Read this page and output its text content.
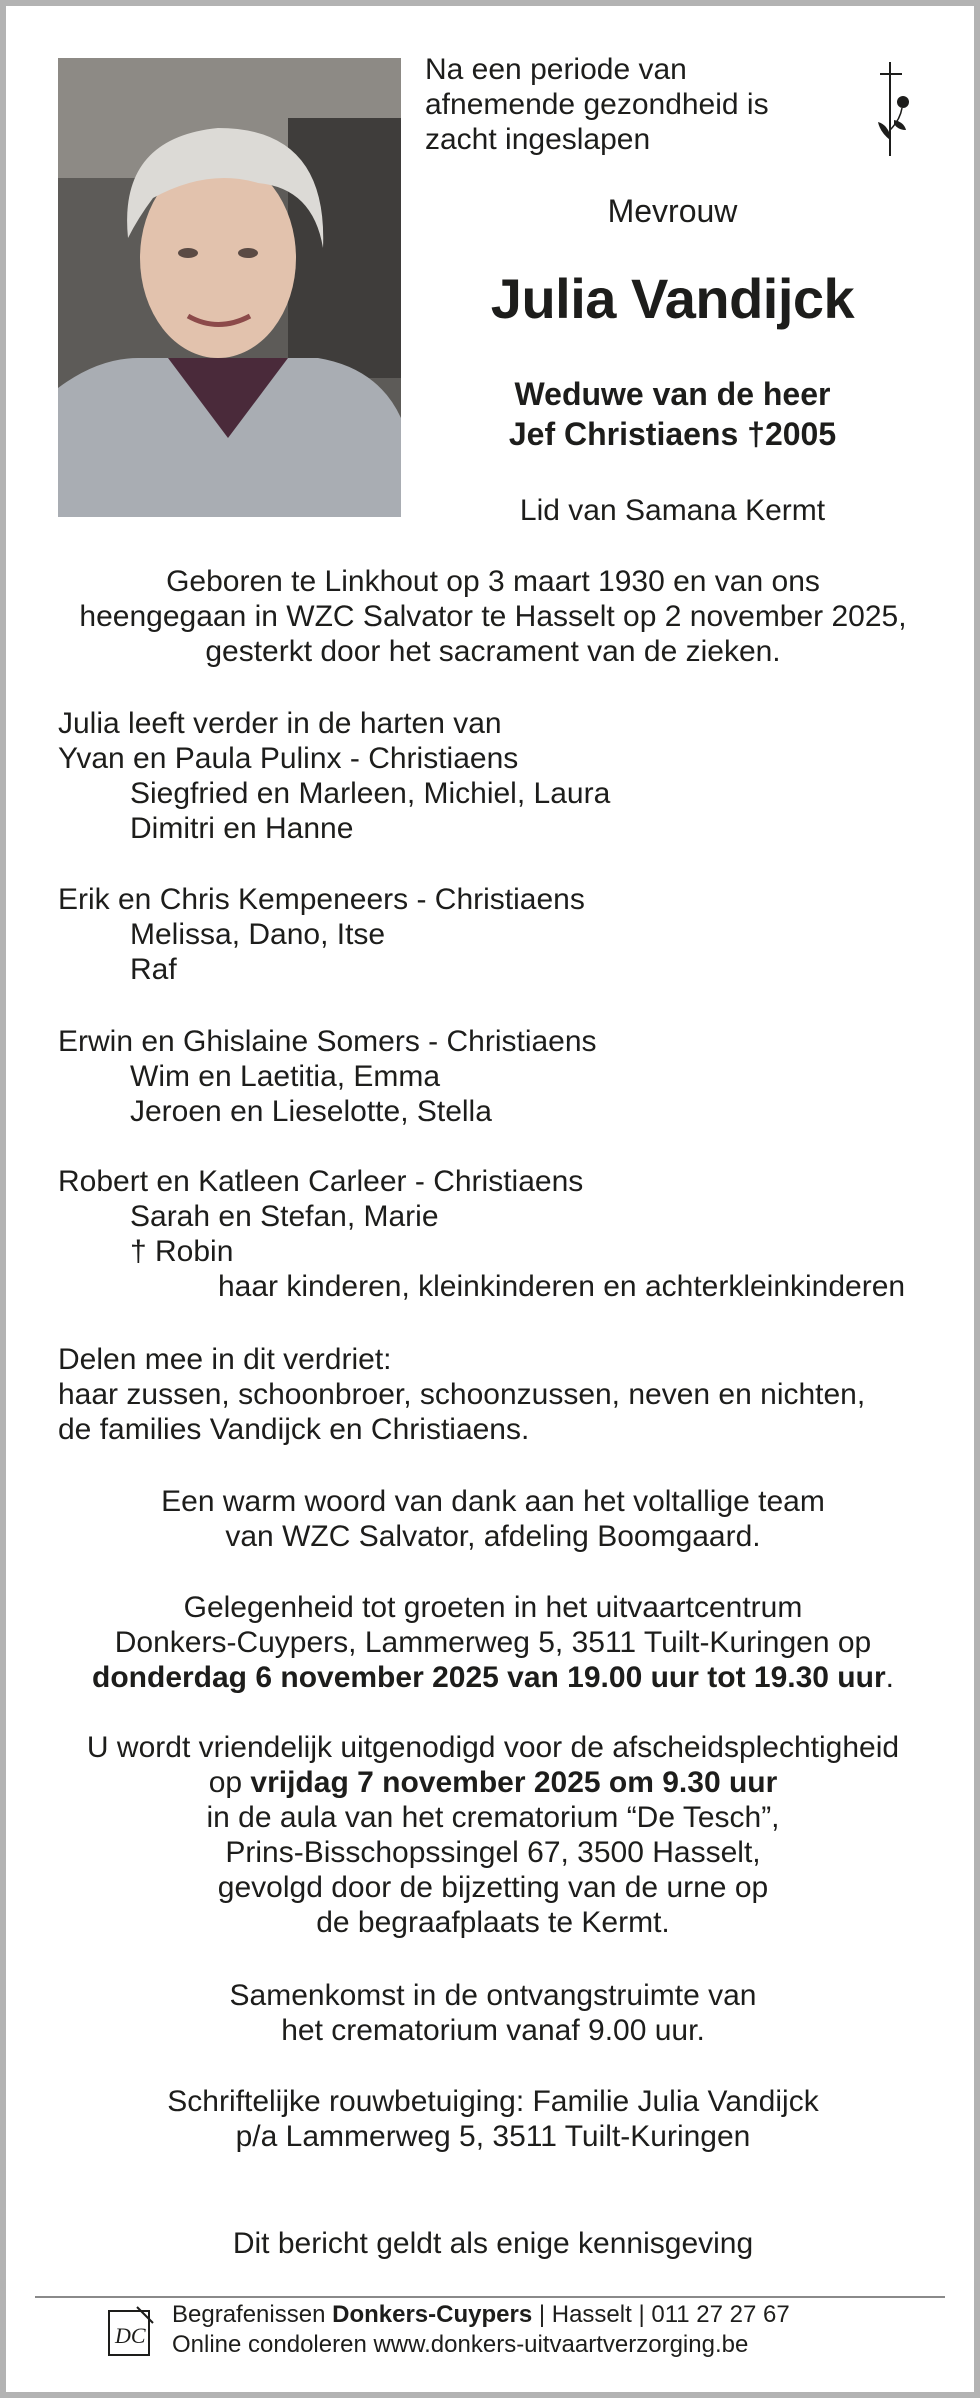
Na een periode van
afnemende gezondheid is
zacht ingeslapen
Mevrouw
Julia Vandijck
Weduwe van de heer
Jef Christiaens †2005
Lid van Samana Kermt
Geboren te Linkhout op 3 maart 1930 en van ons
heengegaan in WZC Salvator te Hasselt op 2 november 2025,
gesterkt door het sacrament van de zieken.
Julia leeft verder in de harten van
Yvan en Paula Pulinx - Christiaens
Siegfried en Marleen, Michiel, Laura
Dimitri en Hanne
Erik en Chris Kempeneers - Christiaens
Melissa, Dano, Itse
Raf
Erwin en Ghislaine Somers - Christiaens
Wim en Laetitia, Emma
Jeroen en Lieselotte, Stella
Robert en Katleen Carleer - Christiaens
Sarah en Stefan, Marie
† Robin
haar kinderen, kleinkinderen en achterkleinkinderen
Delen mee in dit verdriet:
haar zussen, schoonbroer, schoonzussen, neven en nichten,
de families Vandijck en Christiaens.
Een warm woord van dank aan het voltallige team
van WZC Salvator, afdeling Boomgaard.
Gelegenheid tot groeten in het uitvaartcentrum
Donkers-Cuypers, Lammerweg 5, 3511 Tuilt-Kuringen op
donderdag 6 november 2025 van 19.00 uur tot 19.30 uur.
U wordt vriendelijk uitgenodigd voor de afscheidsplechtigheid
op vrijdag 7 november 2025 om 9.30 uur
in de aula van het crematorium “De Tesch”,
Prins-Bisschopssingel 67, 3500 Hasselt,
gevolgd door de bijzetting van de urne op
de begraafplaats te Kermt.
Samenkomst in de ontvangstruimte van
het crematorium vanaf 9.00 uur.
Schriftelijke rouwbetuiging: Familie Julia Vandijck
p/a Lammerweg 5, 3511 Tuilt-Kuringen
Dit bericht geldt als enige kennisgeving
DC
Begrafenissen Donkers-Cuypers | Hasselt | 011 27 27 67
Online condoleren www.donkers-uitvaartverzorging.be
